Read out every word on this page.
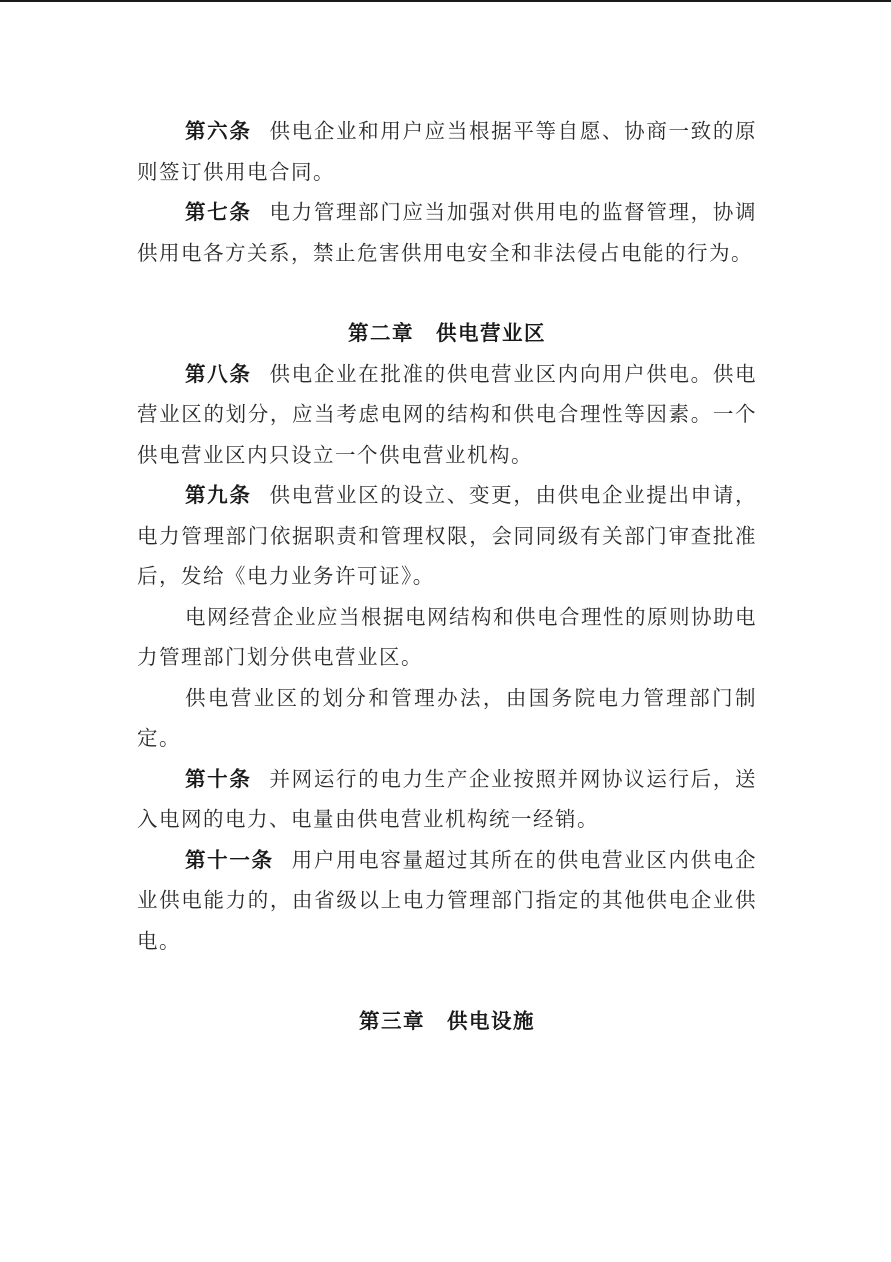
第六条 供电企业和用户应当根据平等自愿、协商一致的原则签订供用电合同。

第七条 电力管理部门应当加强对供用电的监督管理，协调供用电各方关系，禁止危害供用电安全和非法侵占电能的行为。

第二章　供电营业区

第八条 供电企业在批准的供电营业区内向用户供电。供电营业区的划分，应当考虑电网的结构和供电合理性等因素。一个供电营业区内只设立一个供电营业机构。

第九条 供电营业区的设立、变更，由供电企业提出申请，电力管理部门依据职责和管理权限，会同同级有关部门审查批准后，发给《电力业务许可证》。

电网经营企业应当根据电网结构和供电合理性的原则协助电力管理部门划分供电营业区。

供电营业区的划分和管理办法，由国务院电力管理部门制定。

第十条 并网运行的电力生产企业按照并网协议运行后，送入电网的电力、电量由供电营业机构统一经销。

第十一条 用户用电容量超过其所在的供电营业区内供电企业供电能力的，由省级以上电力管理部门指定的其他供电企业供电。

第三章　供电设施
